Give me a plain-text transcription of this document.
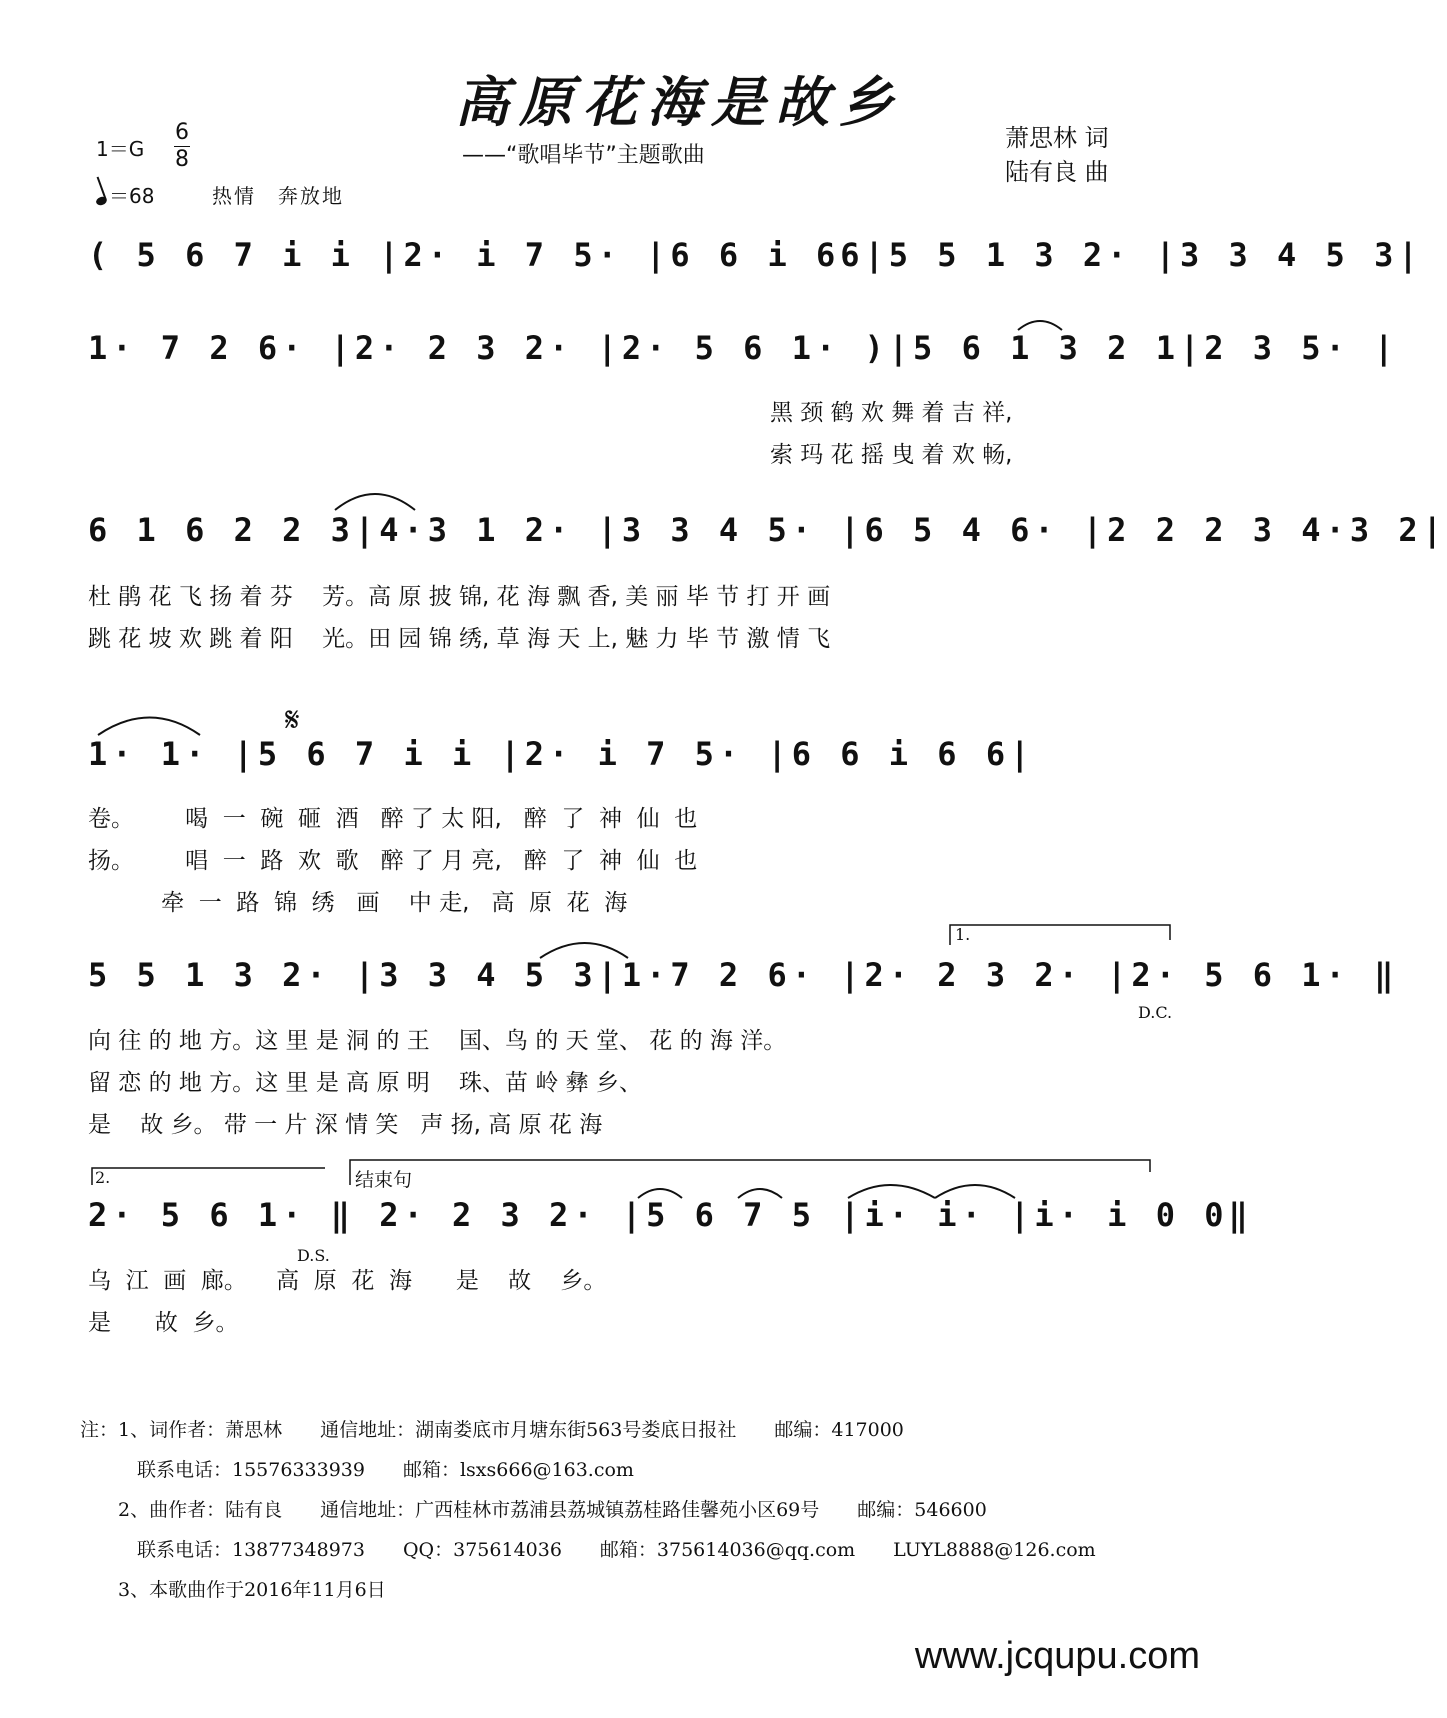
高原花海是故乡
——“歌唱毕节”主题歌曲
萧思林 词
陆有良 曲
1＝G
6
8
＝68	热情　奔放地
( 5 6 7 i i |2· i 7 5· |6 6 i 66|5 5 1 3 2· |3 3 4 5 3|
1· 7 2 6· |2· 2 3 2· |2· 5 6 1· )|5 6 1 3 2 1|2 3 5· |
黑 颈 鹤 欢 舞 着 吉 祥,
索 玛 花 摇 曳 着 欢 畅,
6 1 6 2 2 3|4·3 1 2· |3 3 4 5· |6 5 4 6· |2 2 2 3 4·3 2|
杜 鹃 花 飞 扬 着 芬    芳。高 原 披 锦, 花 海 飘 香, 美 丽 毕 节 打 开 画
跳 花 坡 欢 跳 着 阳    光。田 园 锦 绣, 草 海 天 上, 魅 力 毕 节 激 情 飞
𝄋
1· 1· |5 6 7 i i |2· i 7 5· |6 6 i 6 6|
卷。       喝  一  碗  砸  酒   醉 了 太 阳,   醉  了  神  仙  也
扬。       唱  一  路  欢  歌   醉 了 月 亮,   醉  了  神  仙  也
牵  一  路  锦  绣   画    中 走,   高  原  花  海
1.
5 5 1 3 2· |3 3 4 5 3|1·7 2 6· |2· 2 3 2· |2· 5 6 1· ‖
D.C.
向 往 的 地 方。这 里 是 洞 的 王    国、鸟 的 天 堂、 花 的 海 洋。
留 恋 的 地 方。这 里 是 高 原 明    珠、苗 岭 彝 乡、
是    故 乡。 带 一 片 深 情 笑   声 扬, 高 原 花 海
2.	结束句
2· 5 6 1· ‖ 2· 2 3 2· |5 6 7 5 |i· i· |i· i 0 0‖
D.S.
乌  江  画  廊。    高  原  花  海      是    故    乡。
是      故  乡。
注：1、词作者：萧思林　　通信地址：湖南娄底市月塘东街563号娄底日报社　　邮编：417000
　　　联系电话：15576333939　　邮箱：lsxs666@163.com
　　2、曲作者：陆有良　　通信地址：广西桂林市荔浦县荔城镇荔桂路佳馨苑小区69号　　邮编：546600
　　　联系电话：13877348973　　QQ：375614036　　邮箱：375614036@qq.com　　LUYL8888@126.com
　　3、本歌曲作于2016年11月6日
www.jcqupu.com
